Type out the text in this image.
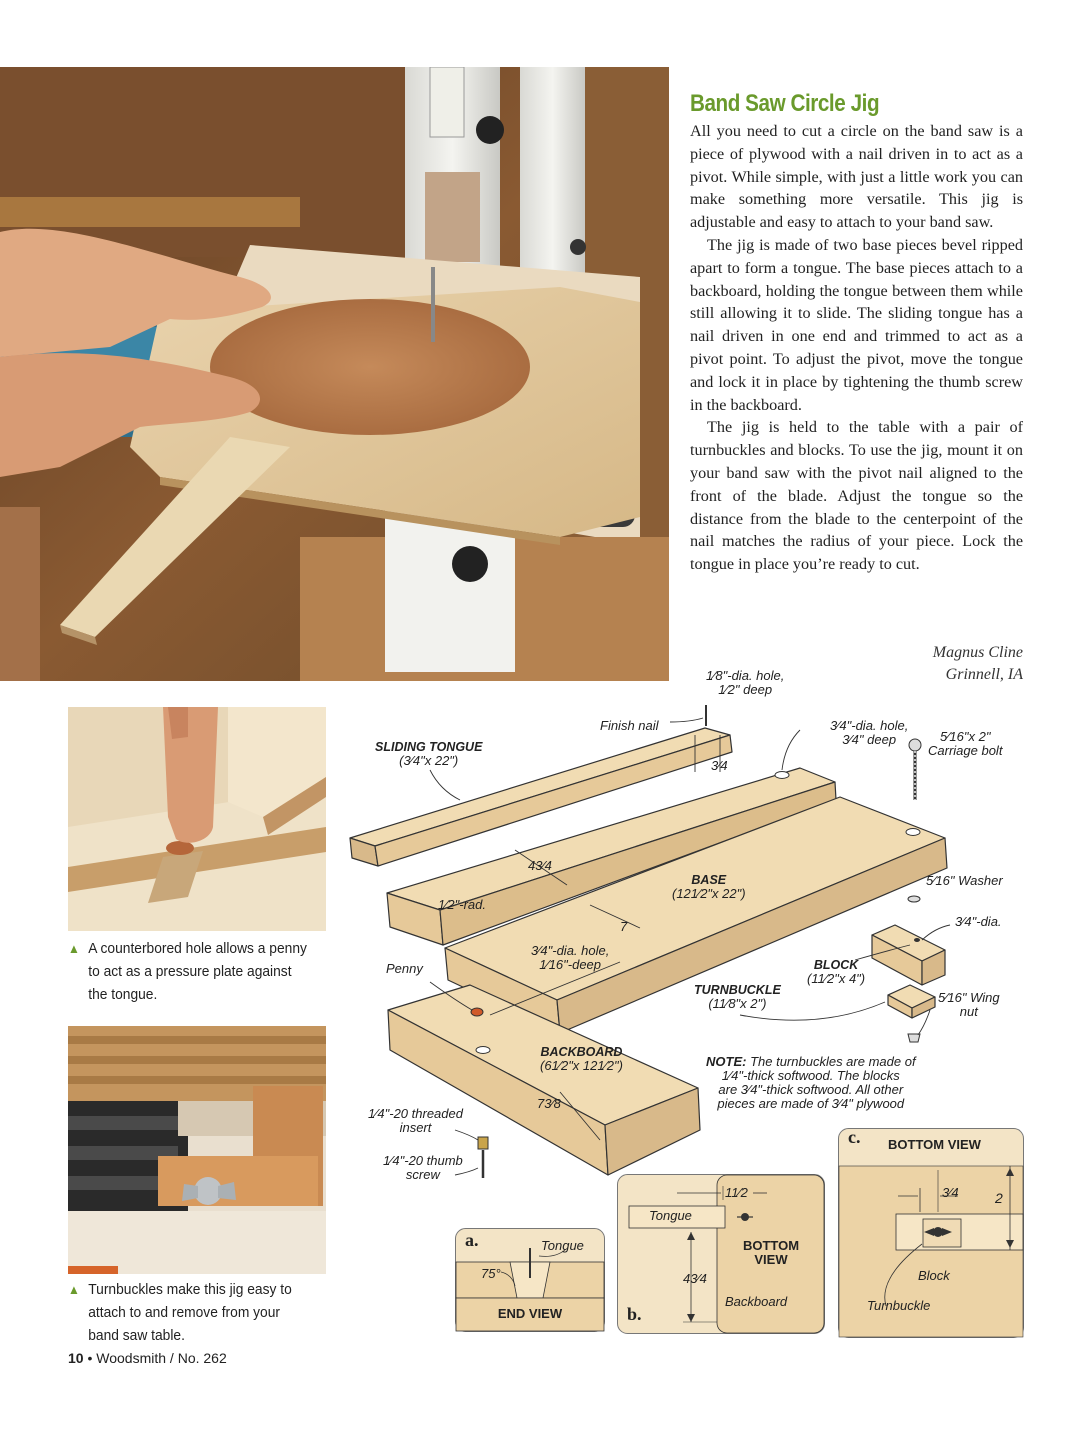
Band Saw Circle Jig

All you need to cut a circle on the band saw is a piece of plywood with a nail driven in to act as a pivot. While simple, with just a little work you can make something more versatile. This jig is adjustable and easy to attach to your band saw.

The jig is made of two base pieces bevel ripped apart to form a tongue. The base pieces attach to a backboard, holding the tongue between them while still allowing it to slide. The sliding tongue has a nail driven in one end and trimmed to act as a pivot point. To adjust the pivot, move the tongue and lock it in place by tightening the thumb screw in the backboard.

The jig is held to the table with a pair of turnbuckles and blocks. To use the jig, mount it on your band saw with the pivot nail aligned to the front of the blade. Adjust the tongue so the distance from the blade to the centerpoint of the nail matches the radius of your piece. Lock the tongue in place you’re ready to cut.

Magnus Cline
Grinnell, IA
▲ A counterbored hole allows a penny
to act as a pressure plate against
the tongue.
▲ Turnbuckles make this jig easy to
attach to and remove from your
band saw table.
1⁄8"-dia. hole,
1⁄2" deep
Finish nail	3⁄4"-dia. hole,
3⁄4" deep	5⁄16"x 2"
Carriage bolt
SLIDING TONGUE
(3⁄4"x 22")	3⁄4
43⁄4
BASE
(121⁄2"x 22")
5⁄16" Washer
1⁄2"-rad.
7	3⁄4"-dia.
3⁄4"-dia. hole,
1⁄16"-deep	BLOCK
(11⁄2"x 4")
Penny
TURNBUCKLE
(11⁄8"x 2")	5⁄16" Wing
nut
BACKBOARD
(61⁄2"x 121⁄2")	NOTE: The turnbuckles are made of
1⁄4"-thick softwood. The blocks
are 3⁄4"-thick softwood. All other
pieces are made of 3⁄4" plywood
73⁄8
1⁄4"-20 threaded
insert
1⁄4"-20 thumb
screw
a.	Tongue
75°
END VIEW
11⁄2
Tongue
BOTTOM
VIEW
43⁄4
Backboard
b.
c. BOTTOM VIEW
3⁄4	2
Block
Turnbuckle
10 • Woodsmith / No. 262
